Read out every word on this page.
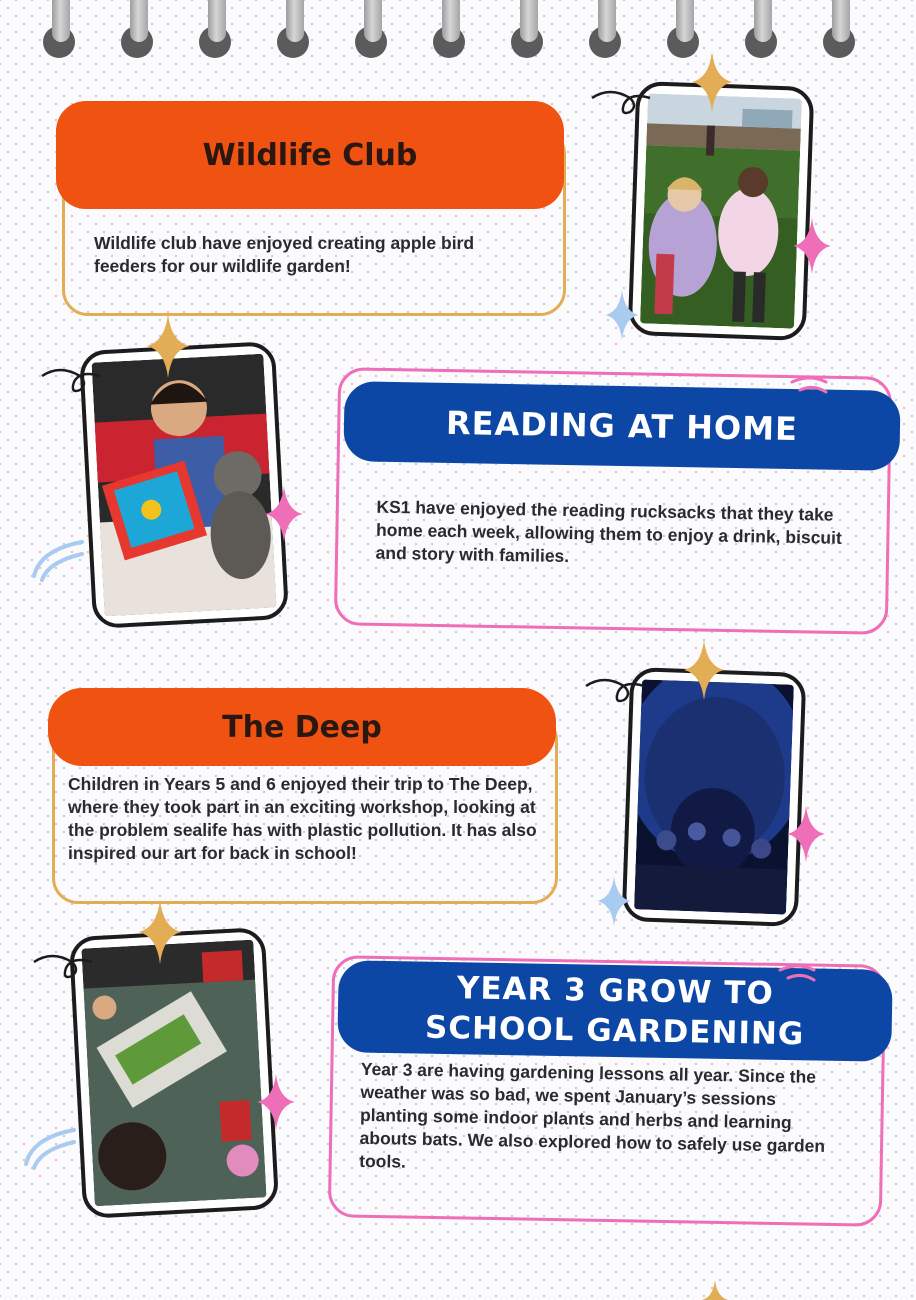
Wildlife Club
Wildlife club have enjoyed creating apple bird feeders for our wildlife garden!
READING AT HOME
KS1 have enjoyed the reading rucksacks that they take home each week, allowing them to enjoy a drink, biscuit and story with families.
The Deep
Children in Years 5 and 6 enjoyed their trip to The Deep, where they took part in an exciting workshop, looking at the problem sealife has with plastic pollution. It has also inspired our art for back in school!
YEAR 3 GROW TO
SCHOOL GARDENING
Year 3 are having gardening lessons all year. Since the weather was so bad, we spent January’s sessions planting some indoor plants and herbs and learning abouts bats. We also explored how to safely use garden tools.
